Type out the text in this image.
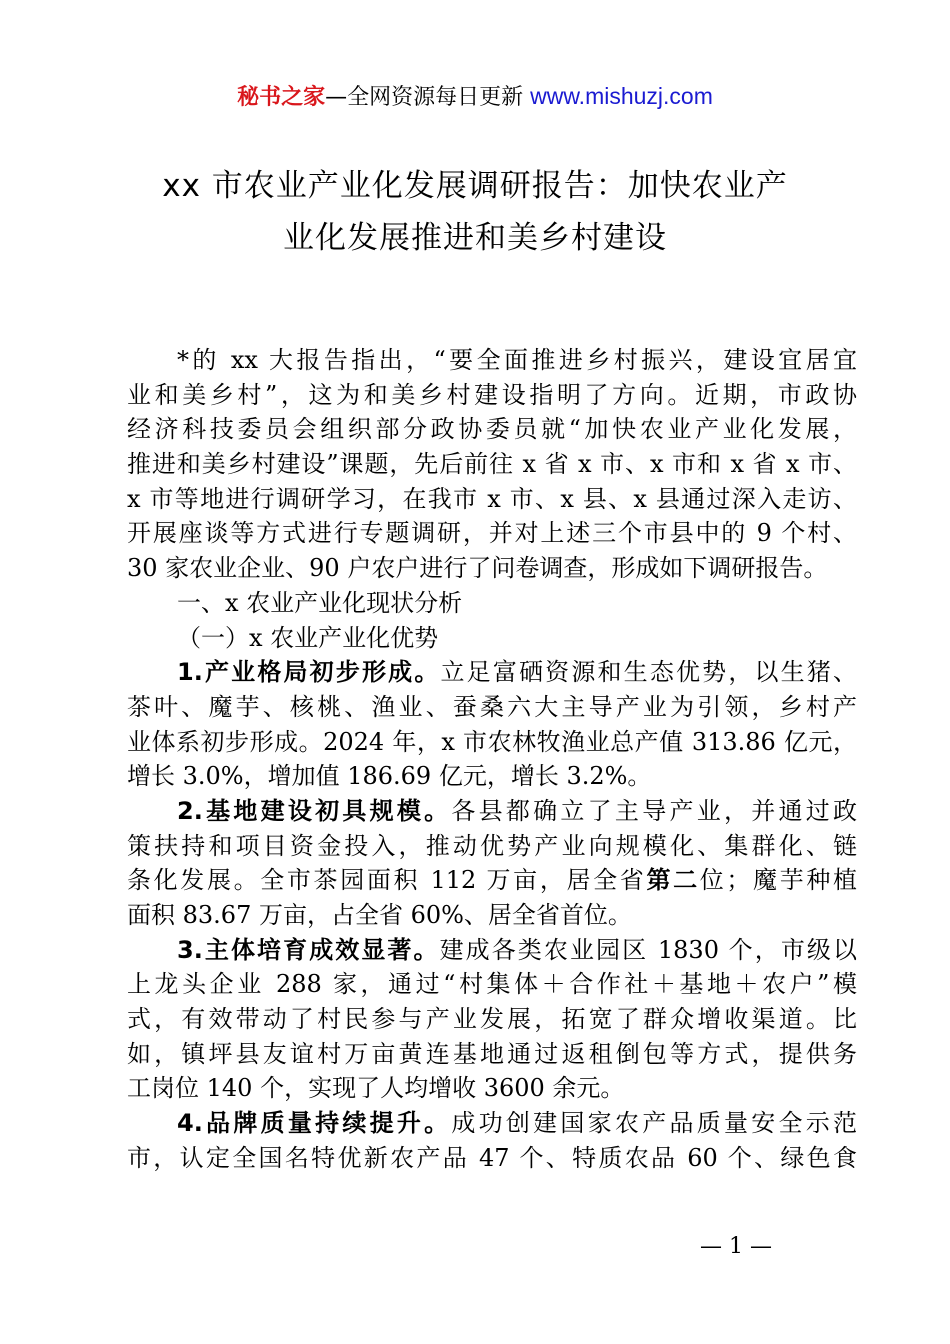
秘书之家—全网资源每日更新 www.mishuzj.com
xx 市农业产业化发展调研报告：加快农业产
业化发展推进和美乡村建设
*的 xx 大报告指出，“要全面推进乡村振兴，建设宜居宜
业和美乡村”，这为和美乡村建设指明了方向。近期，市政协
经济科技委员会组织部分政协委员就“加快农业产业化发展，
推进和美乡村建设”课题，先后前往 x 省 x 市、x 市和 x 省 x 市、
x 市等地进行调研学习，在我市 x 市、x 县、x 县通过深入走访、
开展座谈等方式进行专题调研，并对上述三个市县中的 9 个村、
30 家农业企业、90 户农户进行了问卷调查，形成如下调研报告。
一、x 农业产业化现状分析
（一）x 农业产业化优势
1.产业格局初步形成。立足富硒资源和生态优势，以生猪、
茶叶、魔芋、核桃、渔业、蚕桑六大主导产业为引领，乡村产
业体系初步形成。2024 年，x 市农林牧渔业总产值 313.86 亿元，
增长 3.0%，增加值 186.69 亿元，增长 3.2%。
2.基地建设初具规模。各县都确立了主导产业，并通过政
策扶持和项目资金投入，推动优势产业向规模化、集群化、链
条化发展。全市茶园面积 112 万亩，居全省第二位；魔芋种植
面积 83.67 万亩，占全省 60%、居全省首位。
3.主体培育成效显著。建成各类农业园区 1830 个，市级以
上龙头企业 288 家，通过“村集体＋合作社＋基地＋农户”模
式，有效带动了村民参与产业发展，拓宽了群众增收渠道。比
如，镇坪县友谊村万亩黄连基地通过返租倒包等方式，提供务
工岗位 140 个，实现了人均增收 3600 余元。
4.品牌质量持续提升。成功创建国家农产品质量安全示范
市，认定全国名特优新农产品 47 个、特质农品 60 个、绿色食
— 1 —
